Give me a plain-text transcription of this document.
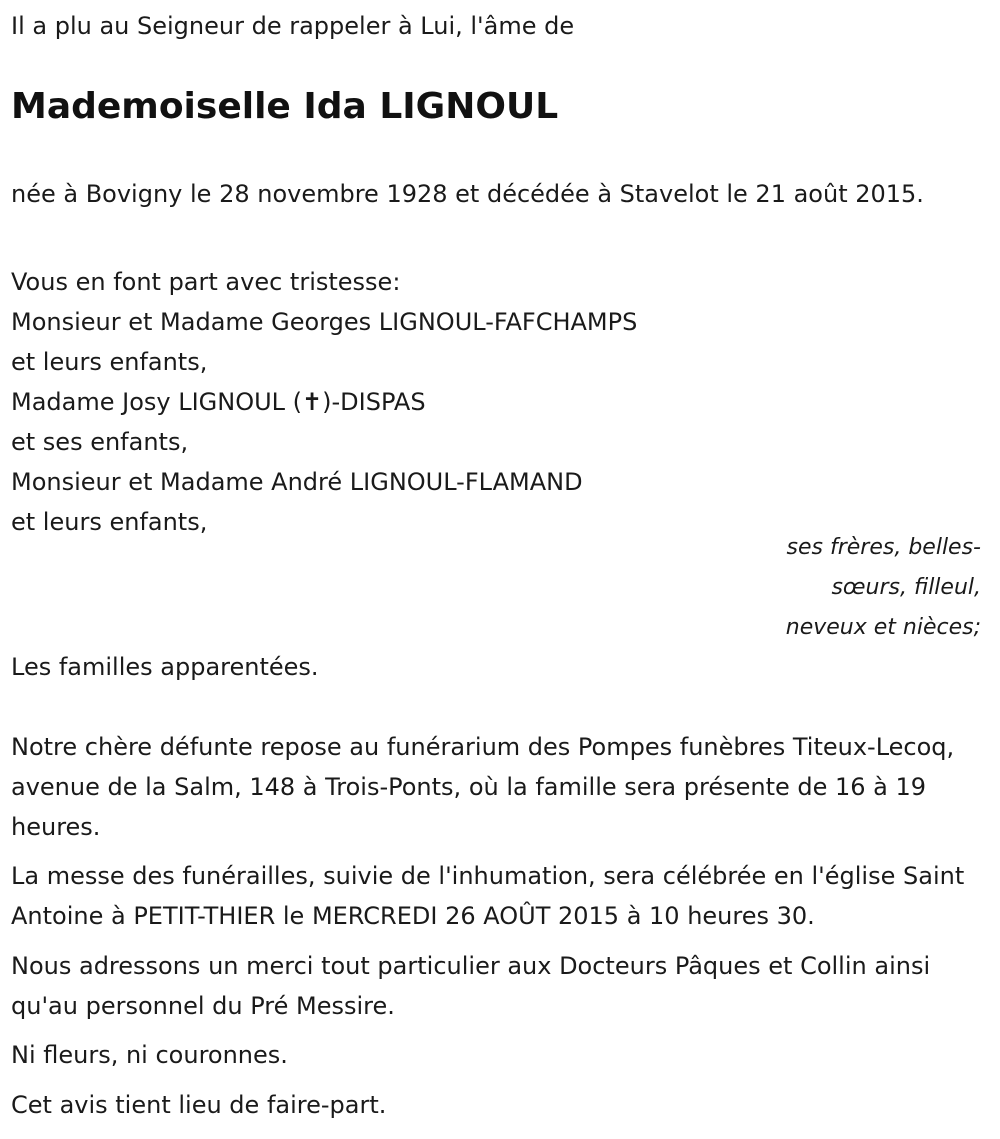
Il a plu au Seigneur de rappeler à Lui, l'âme de

Mademoiselle Ida LIGNOUL

née à Bovigny le 28 novembre 1928 et décédée à Stavelot le 21 août 2015.

Vous en font part avec tristesse:
Monsieur et Madame Georges LIGNOUL-FAFCHAMPS
et leurs enfants,
Madame Josy LIGNOUL (✝)-DISPAS
et ses enfants,
Monsieur et Madame André LIGNOUL-FLAMAND
et leurs enfants,
ses frères, belles-
sœurs, filleul,
neveux et nièces;

Les familles apparentées.

Notre chère défunte repose au funérarium des Pompes funèbres Titeux-Lecoq, avenue de la Salm, 148 à Trois-Ponts, où la famille sera présente de 16 à 19 heures.

La messe des funérailles, suivie de l'inhumation, sera célébrée en l'église Saint Antoine à PETIT-THIER le MERCREDI 26 AOÛT 2015 à 10 heures 30.

Nous adressons un merci tout particulier aux Docteurs Pâques et Collin ainsi qu'au personnel du Pré Messire.

Ni fleurs, ni couronnes.

Cet avis tient lieu de faire-part.
